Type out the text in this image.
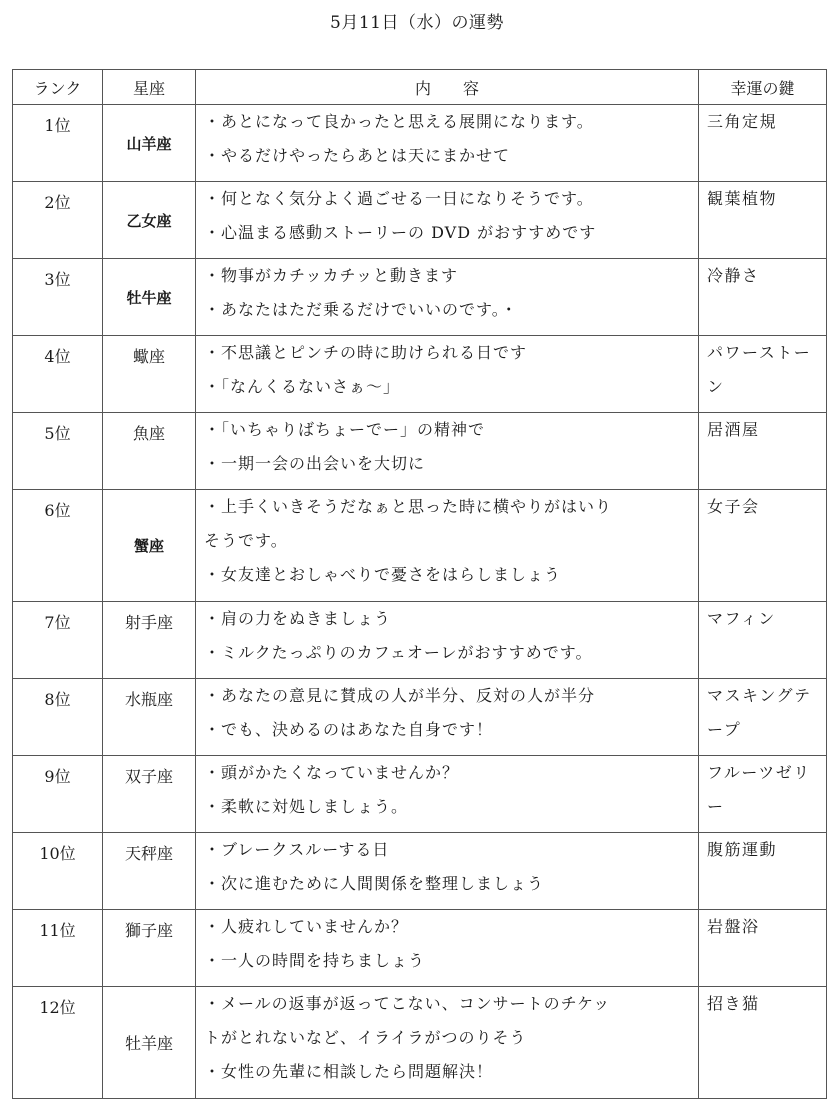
5月11日（水）の運勢
ランク	星座	内　　容	幸運の鍵
1位	山羊座	・あとになって良かったと思える展開になります。
・やるだけやったらあとは天にまかせて	三角定規
2位	乙女座	・何となく気分よく過ごせる一日になりそうです。
・心温まる感動ストーリーの DVD がおすすめです	観葉植物
3位	牡牛座	・物事がカチッカチッと動きます
・あなたはただ乗るだけでいいのです。・	冷静さ
4位	蠍座	・不思議とピンチの時に助けられる日です
・「なんくるないさぁ〜」	パワーストーン
5位	魚座	・「いちゃりばちょーでー」の精神で
・一期一会の出会いを大切に	居酒屋
6位	蟹座	・上手くいきそうだなぁと思った時に横やりがはいり
そうです。
・女友達とおしゃべりで憂さをはらしましょう	女子会
7位	射手座	・肩の力をぬきましょう
・ミルクたっぷりのカフェオーレがおすすめです。	マフィン
8位	水瓶座	・あなたの意見に賛成の人が半分、反対の人が半分
・でも、決めるのはあなた自身です！	マスキングテープ
9位	双子座	・頭がかたくなっていませんか？
・柔軟に対処しましょう。	フルーツゼリー
10位	天秤座	・ブレークスルーする日
・次に進むために人間関係を整理しましょう	腹筋運動
11位	獅子座	・人疲れしていませんか？
・一人の時間を持ちましょう	岩盤浴
12位	牡羊座	・メールの返事が返ってこない、コンサートのチケッ
トがとれないなど、イライラがつのりそう
・女性の先輩に相談したら問題解決！	招き猫
